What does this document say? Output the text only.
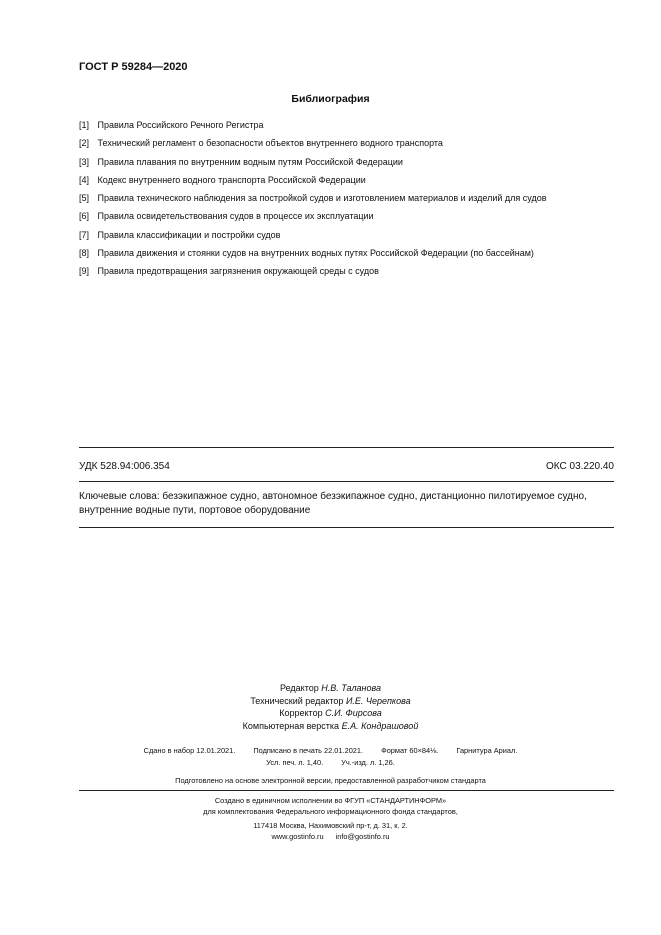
ГОСТ Р 59284—2020
Библиография
[1] Правила Российского Речного Регистра
[2] Технический регламент о безопасности объектов внутреннего водного транспорта
[3] Правила плавания по внутренним водным путям Российской Федерации
[4] Кодекс внутреннего водного транспорта Российской Федерации
[5] Правила технического наблюдения за постройкой судов и изготовлением материалов и изделий для судов
[6] Правила освидетельствования судов в процессе их эксплуатации
[7] Правила классификации и постройки судов
[8] Правила движения и стоянки судов на внутренних водных путях Российской Федерации (по бассейнам)
[9] Правила предотвращения загрязнения окружающей среды с судов
УДК 528.94:006.354	ОКС 03.220.40
Ключевые слова: безэкипажное судно, автономное безэкипажное судно, дистанционно пилотируемое судно, внутренние водные пути, портовое оборудование
Редактор Н.В. Таланова
Технический редактор И.Е. Черепкова
Корректор С.И. Фирсова
Компьютерная верстка Е.А. Кондрашовой
Сдано в набор 12.01.2021. Подписано в печать 22.01.2021. Формат 60×84⅛. Гарнитура Ариал.
Усл. печ. л. 1,40. Уч.-изд. л. 1,26.
Подготовлено на основе электронной версии, предоставленной разработчиком стандарта
Создано в единичном исполнении во ФГУП «СТАНДАРТИНФОРМ»
для комплектования Федерального информационного фонда стандартов,
117418 Москва, Нахимовский пр-т, д. 31, к. 2.
www.gostinfo.ru info@gostinfo.ru
